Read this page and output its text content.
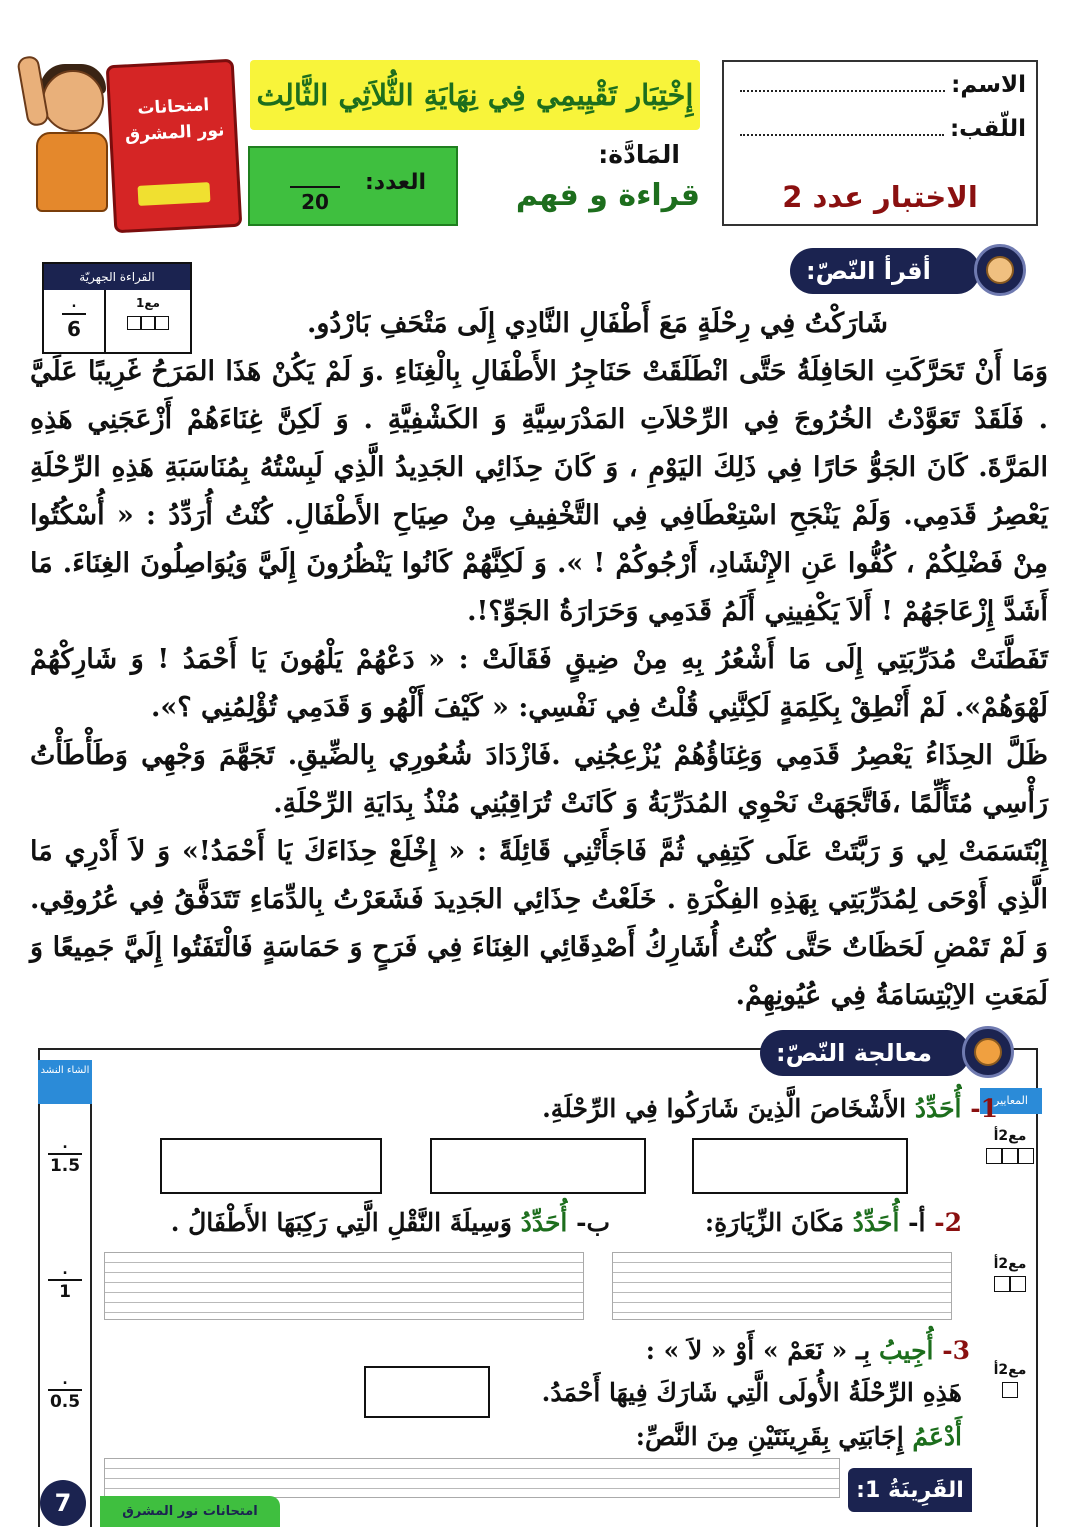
الاسم:
اللّقب:
الاختبار عدد 2
إِخْتِبَار تَقْيِيمِي فِي نِهَايَةِ الثُّلاَثِي الثَّالِث
المَادَّة:
قراءة و فهم
العدد:

20
امتحانات
نور المشرق
أقرأ النّصّ:
القراءة الجهريّة
.
6
مع1

شَارَكْتُ فِي رِحْلَةٍ مَعَ أَطْفَالِ النَّادِي إِلَى مَتْحَفِ بَارْدُو.

وَمَا أَنْ تَحَرَّكَتِ الحَافِلَةُ حَتَّى انْطَلَقَتْ حَنَاجِرُ الأَطْفَالِ بِالْغِنَاءِ .وَ لَمْ يَكُنْ هَذَا المَرَحُ غَرِيبًا عَلَيَّ . فَلَقَدْ تَعَوَّدْتُ الخُرُوجَ فِي الرِّحْلاَتِ المَدْرَسِيَّةِ وَ الكَشْفِيَّةِ . وَ لَكِنَّ غِنَاءَهُمْ أَزْعَجَنِي هَذِهِ المَرَّةَ. كَانَ الجَوُّ حَارًا فِي ذَلِكَ اليَوْمِ ، وَ كَانَ حِذَائِي الجَدِيدُ الَّذِي لَبِسْتُهُ بِمُنَاسَبَةِ هَذِهِ الرِّحْلَةِ يَعْصِرُ قَدَمِي. وَلَمْ يَنْجَحِ اسْتِعْطَافِي فِي التَّخْفِيفِ مِنْ صِيَاحِ الأَطْفَالِ. كُنْتُ أُرَدِّدُ : « أُسْكُتُوا مِنْ فَضْلِكُمْ ، كُفُّوا عَنِ الإِنْشَادِ، أَرْجُوكُمْ ! ». وَ لَكِنَّهُمْ كَانُوا يَنْظُرُونَ إِلَيَّ وَيُوَاصِلُونَ الغِنَاءَ. مَا أَشَدَّ إِزْعَاجَهُمْ ! أَلاَ يَكْفِينِي أَلَمُ قَدَمِي وَحَرَارَةُ الجَوِّ؟!.

تَفَطَّنَتْ مُدَرِّبَتِي إِلَى مَا أَشْعُرُ بِهِ مِنْ ضِيقٍ فَقَالَتْ : « دَعْهُمْ يَلْهُونَ يَا أَحْمَدُ ! وَ شَارِكْهُمْ لَهْوَهُمْ». لَمْ أَنْطِقْ بِكَلِمَةٍ لَكِنَّنِي قُلْتُ فِي نَفْسِي: « كَيْفَ أَلْهُو وَ قَدَمِي تُؤْلِمُنِي ؟».

ظَلَّ الحِذَاءُ يَعْصِرُ قَدَمِي وَغِنَاؤُهُمْ يُزْعِجُنِي .فَازْدَادَ شُعُورِي بِالضِّيقِ. تَجَهَّمَ وَجْهِي وَطَأْطَأْتُ رَأْسِي مُتَأَلِّمًا ،فَاتَّجَهَتْ نَحْوِي المُدَرِّبَةُ وَ كَانَتْ تُرَاقِبُنِي مُنْذُ بِدَايَةِ الرِّحْلَةِ.

إِبْتَسَمَتْ لِي وَ رَبَّتَتْ عَلَى كَتِفِي ثُمَّ فَاجَأَتْنِي قَائِلَةً : « إِخْلَعْ حِذَاءَكَ يَا أَحْمَدُ!» وَ لاَ أَدْرِي مَا الَّذِي أَوْحَى لِمُدَرِّبَتِي بِهَذِهِ الفِكْرَةِ . خَلَعْتُ حِذَائِي الجَدِيدَ فَشَعَرْتُ بِالدِّمَاءِ تَتَدَفَّقُ فِي عُرُوقِي. وَ لَمْ تَمْضِ لَحَظَاتٌ حَتَّى كُنْتُ أُشَارِكُ أَصْدِقَائِي الغِنَاءَ فِي فَرَحٍ وَ حَمَاسَةٍ فَالْتَفَتُوا إِلَيَّ جَمِيعًا وَ لَمَعَتِ الاِبْتِسَامَةُ فِي عُيُونِهِمْ.

الشاء النشد
المعايير
معالجة النّصّ:
1- أُحَدِّدُ الأَشْخَاصَ الَّذِينَ شَارَكُوا فِي الرِّحْلَةِ.
مع2أ
.
1.5
2- أ- أُحَدِّدُ مَكَانَ الزِّيَارَةِ:
ب- أُحَدِّدُ وَسِيلَةَ النَّقْلِ الَّتِي رَكِبَهَا الأَطْفَالُ .
مع2أ
.
1
3- أُجِيبُ بِـ « نَعَمْ » أَوْ « لاَ » :
هَذِهِ الرِّحْلَةُ الأُولَى الَّتِي شَارَكَ فِيهَا أَحْمَدُ.
أَدْعَمُ إِجَابَتِي بِقَرِينَتَيْنِ مِنَ النَّصِّ:
القَرِينَةُ 1:
مع2أ
.
0.5
امتحانات نور المشرق
7
